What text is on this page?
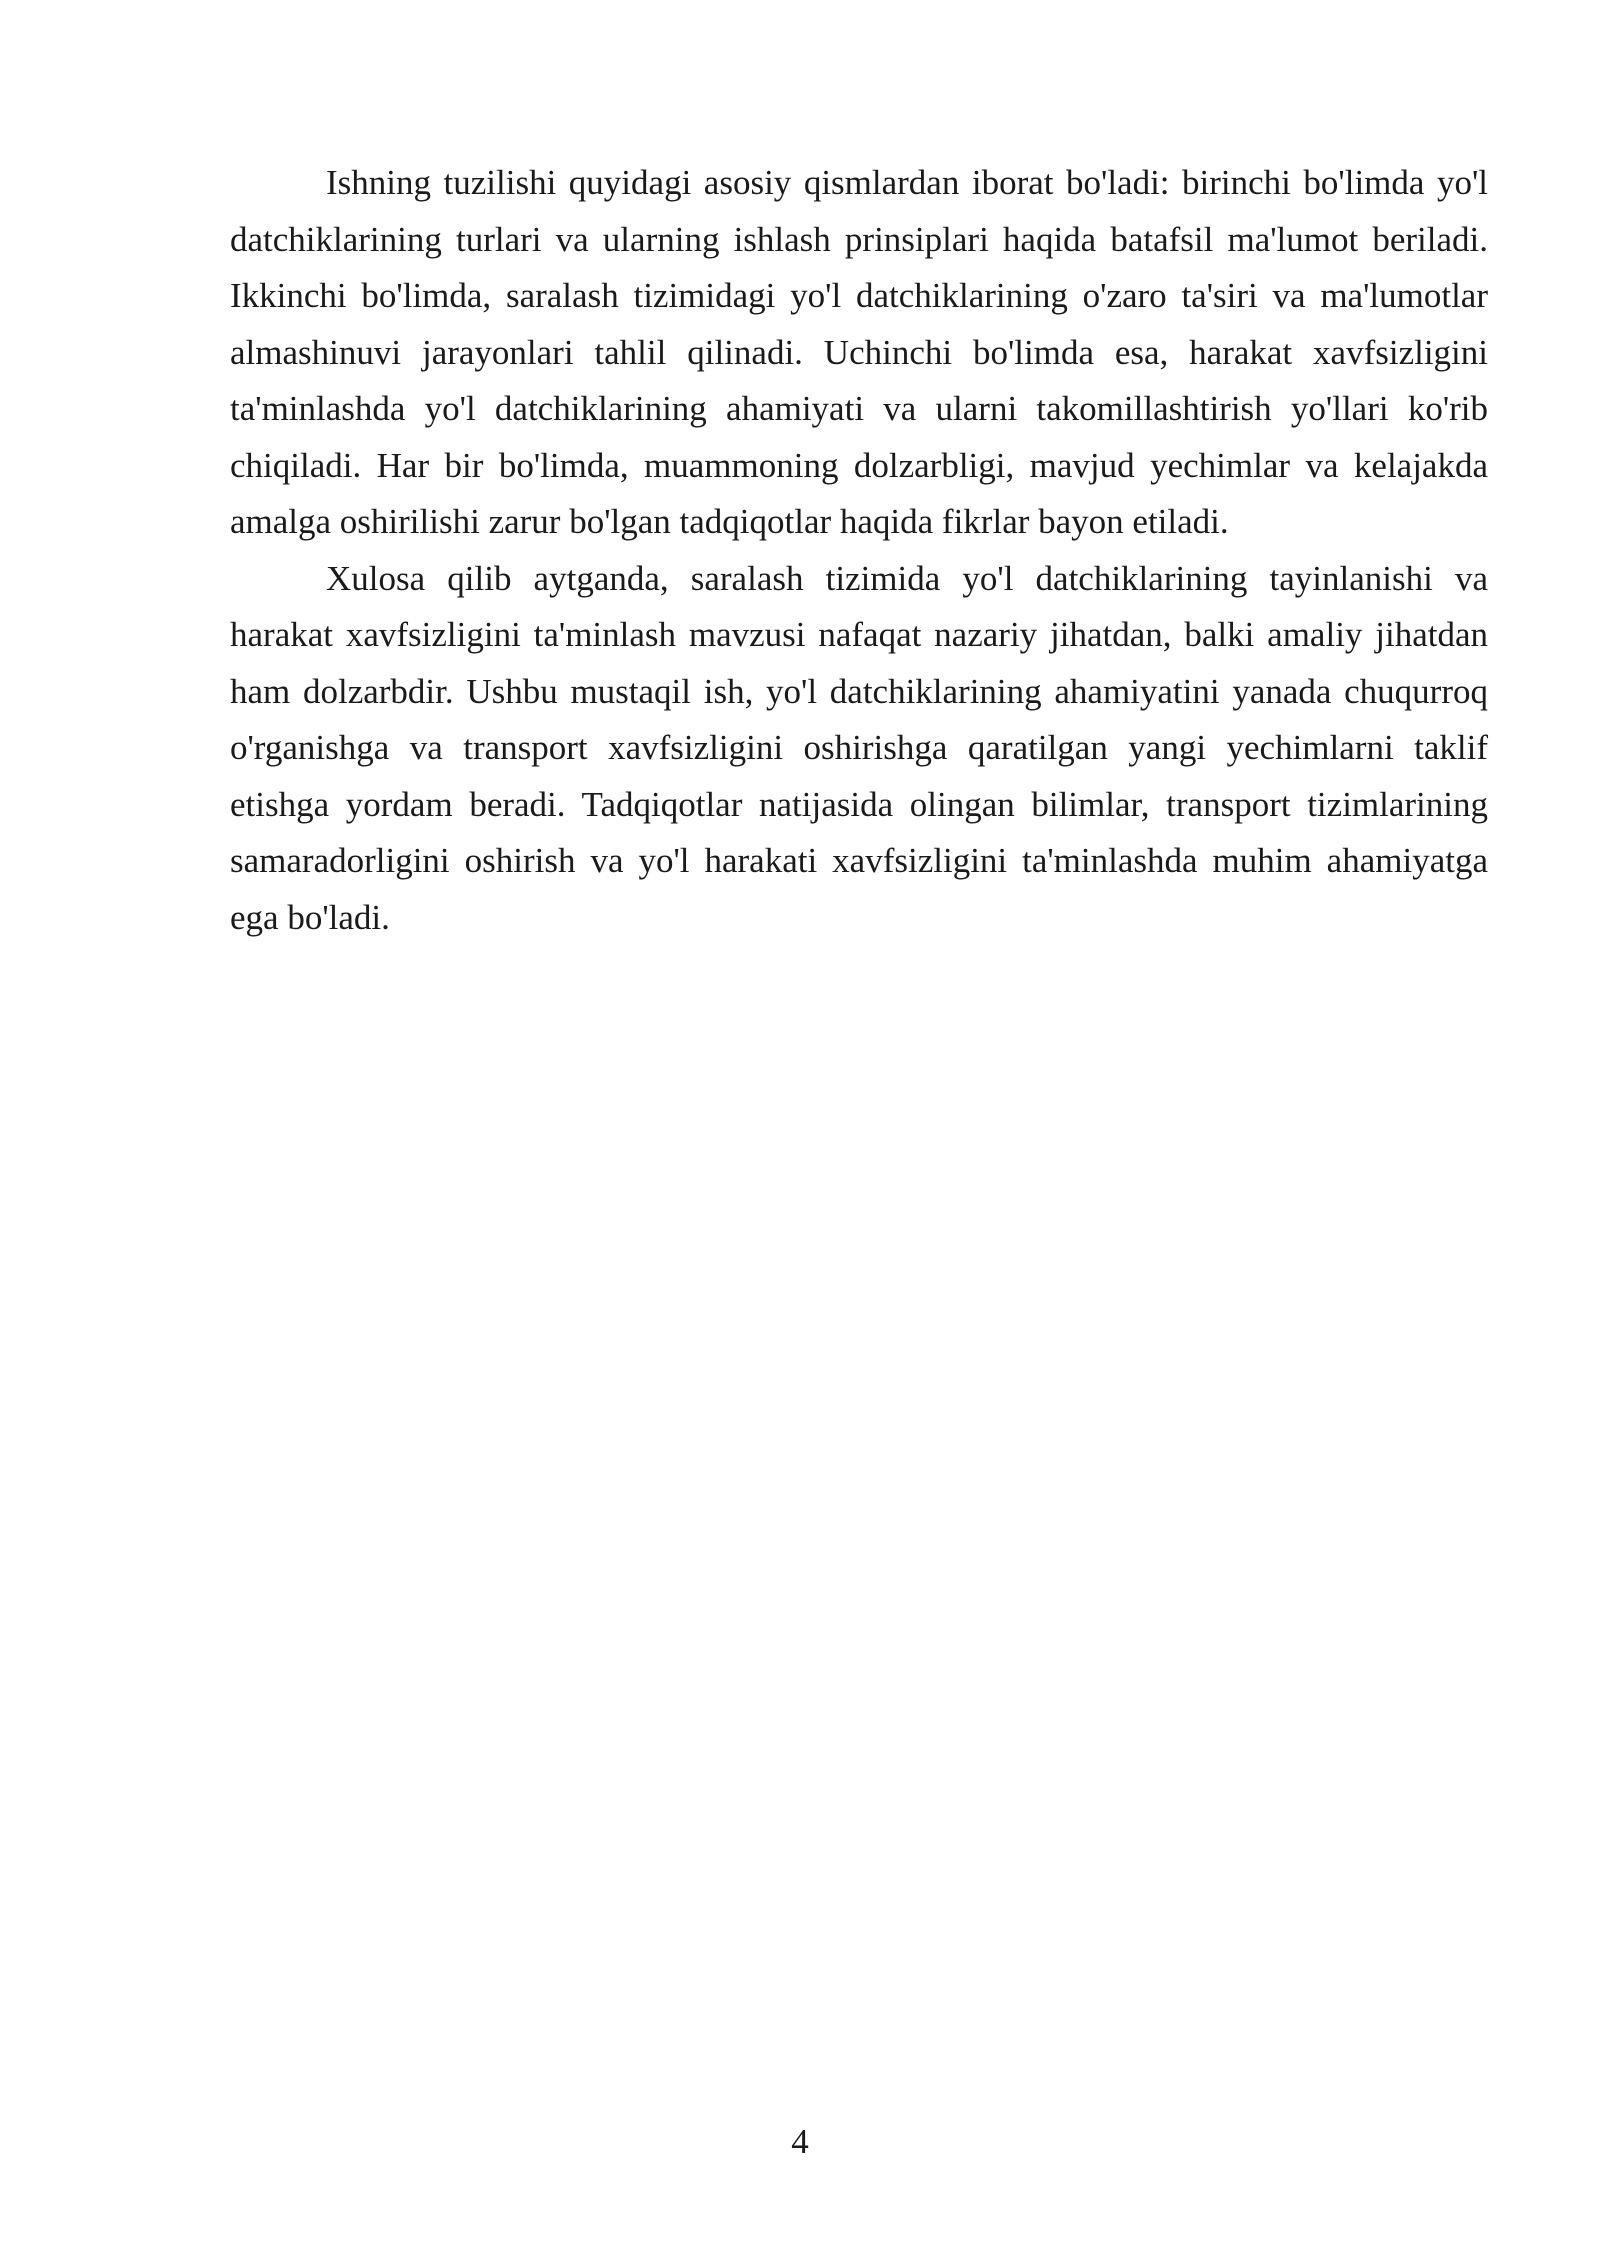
Ishning tuzilishi quyidagi asosiy qismlardan iborat bo'ladi: birinchi bo'limda yo'l datchiklarining turlari va ularning ishlash prinsiplari haqida batafsil ma'lumot beriladi. Ikkinchi bo'limda, saralash tizimidagi yo'l datchiklarining o'zaro ta'siri va ma'lumotlar almashinuvi jarayonlari tahlil qilinadi. Uchinchi bo'limda esa, harakat xavfsizligini ta'minlashda yo'l datchiklarining ahamiyati va ularni takomillashtirish yo'llari ko'rib chiqiladi. Har bir bo'limda, muammoning dolzarbligi, mavjud yechimlar va kelajakda amalga oshirilishi zarur bo'lgan tadqiqotlar haqida fikrlar bayon etiladi.

Xulosa qilib aytganda, saralash tizimida yo'l datchiklarining tayinlanishi va harakat xavfsizligini ta'minlash mavzusi nafaqat nazariy jihatdan, balki amaliy jihatdan ham dolzarbdir. Ushbu mustaqil ish, yo'l datchiklarining ahamiyatini yanada chuqurroq o'rganishga va transport xavfsizligini oshirishga qaratilgan yangi yechimlarni taklif etishga yordam beradi. Tadqiqotlar natijasida olingan bilimlar, transport tizimlarining samaradorligini oshirish va yo'l harakati xavfsizligini ta'minlashda muhim ahamiyatga ega bo'ladi.

4
